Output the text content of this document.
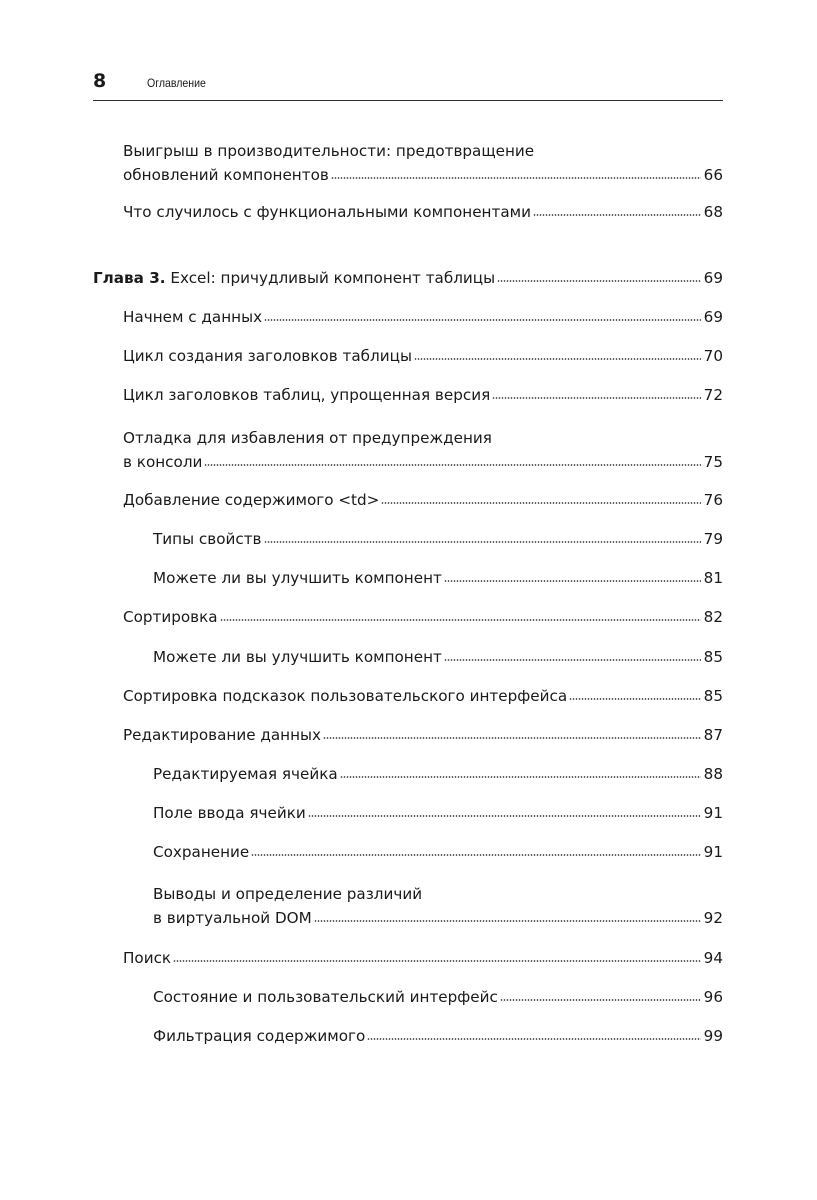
8	Оглавление
Выигрыш в производительности: предотвращение
обновлений компонентов	66
Что случилось с функциональными компонентами	68
Глава 3. Excel: причудливый компонент таблицы	69
Начнем с данных	69
Цикл создания заголовков таблицы	70
Цикл заголовков таблиц, упрощенная версия	72
Отладка для избавления от предупреждения
в консоли	75
Добавление содержимого <td>	76
Типы свойств	79
Можете ли вы улучшить компонент	81
Сортировка	82
Можете ли вы улучшить компонент	85
Сортировка подсказок пользовательского интерфейса	85
Редактирование данных	87
Редактируемая ячейка	88
Поле ввода ячейки	91
Сохранение	91
Выводы и определение различий
в виртуальной DOM	92
Поиск	94
Состояние и пользовательский интерфейс	96
Фильтрация содержимого	99
